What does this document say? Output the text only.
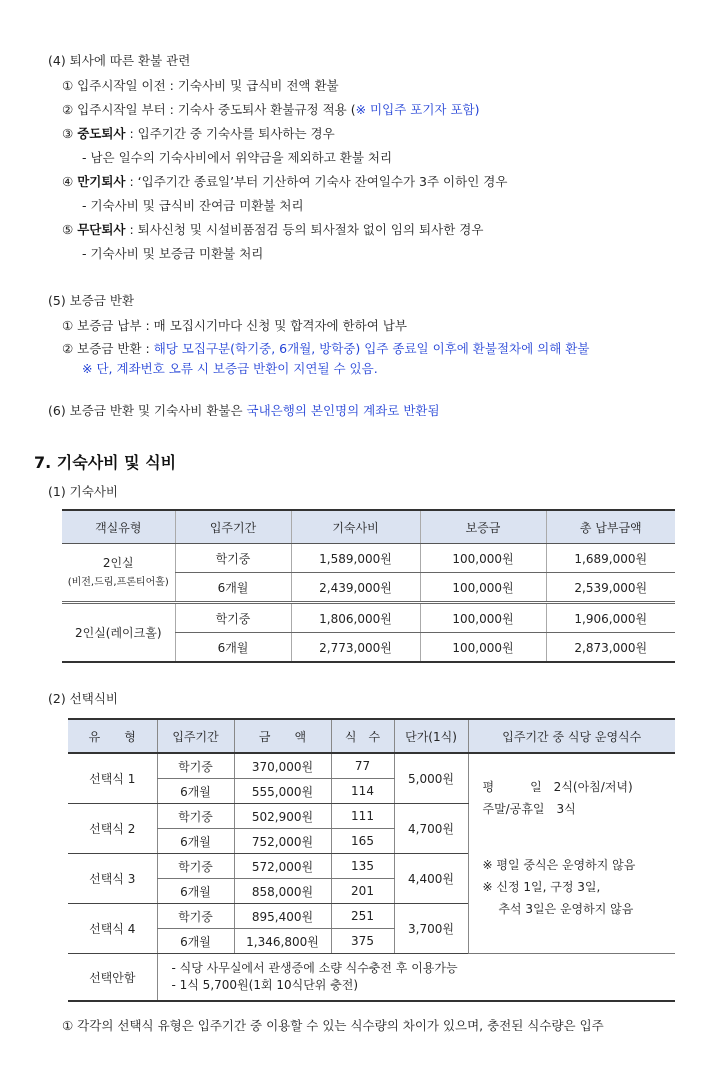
(4) 퇴사에 따른 환불 관련
① 입주시작일 이전 : 기숙사비 및 급식비 전액 환불
② 입주시작일 부터 : 기숙사 중도퇴사 환불규정 적용 (※ 미입주 포기자 포함)
③ 중도퇴사 : 입주기간 중 기숙사를 퇴사하는 경우
- 남은 일수의 기숙사비에서 위약금을 제외하고 환불 처리
④ 만기퇴사 : ‘입주기간 종료일’부터 기산하여 기숙사 잔여일수가 3주 이하인 경우
- 기숙사비 및 급식비 잔여금 미환불 처리
⑤ 무단퇴사 : 퇴사신청 및 시설비품점검 등의 퇴사절차 없이 임의 퇴사한 경우
- 기숙사비 및 보증금 미환불 처리
(5) 보증금 반환
① 보증금 납부 : 매 모집시기마다 신청 및 합격자에 한하여 납부
② 보증금 반환 : 해당 모집구분(학기중, 6개월, 방학중) 입주 종료일 이후에 환불절차에 의해 환불
※ 단, 계좌번호 오류 시 보증금 반환이 지연될 수 있음.
(6) 보증금 반환 및 기숙사비 환불은 국내은행의 본인명의 계좌로 반환됨
7. 기숙사비 및 식비
(1) 기숙사비
객실유형	입주기간	기숙사비	보증금	총 납부금액

2인실
(비전,드림,프론티어홀)	학기중	1,589,000원	100,000원	1,689,000원
	6개월	2,439,000원	100,000원	2,539,000원
2인실(레이크홀)	학기중	1,806,000원	100,000원	1,906,000원
	6개월	2,773,000원	100,000원	2,873,000원
(2) 선택식비
유　　형	입주기간	금　　액	식　수	단가(1식)	입주기간 중 식당 운영식수
선택식 1	학기중	370,000원	77	5,000원	평　　　일　2식(아침/저녁)
주말/공휴일　3식
※ 평일 중식은 운영하지 않음
※ 신정 1일, 구정 3일,
　 추석 3일은 운영하지 않음

	6개월	555,000원	114		
선택식 2	학기중	502,900원	111	4,700원	
	6개월	752,000원	165		
선택식 3	학기중	572,000원	135	4,400원	
	6개월	858,000원	201		
선택식 4	학기중	895,400원	251	3,700원	
	6개월	1,346,800원	375		
선택안함	- 식당 사무실에서 관생증에 소량 식수충전 후 이용가능
- 1식 5,700원(1회 10식단위 충전)				
① 각각의 선택식 유형은 입주기간 중 이용할 수 있는 식수량의 차이가 있으며, 충전된 식수량은 입주
